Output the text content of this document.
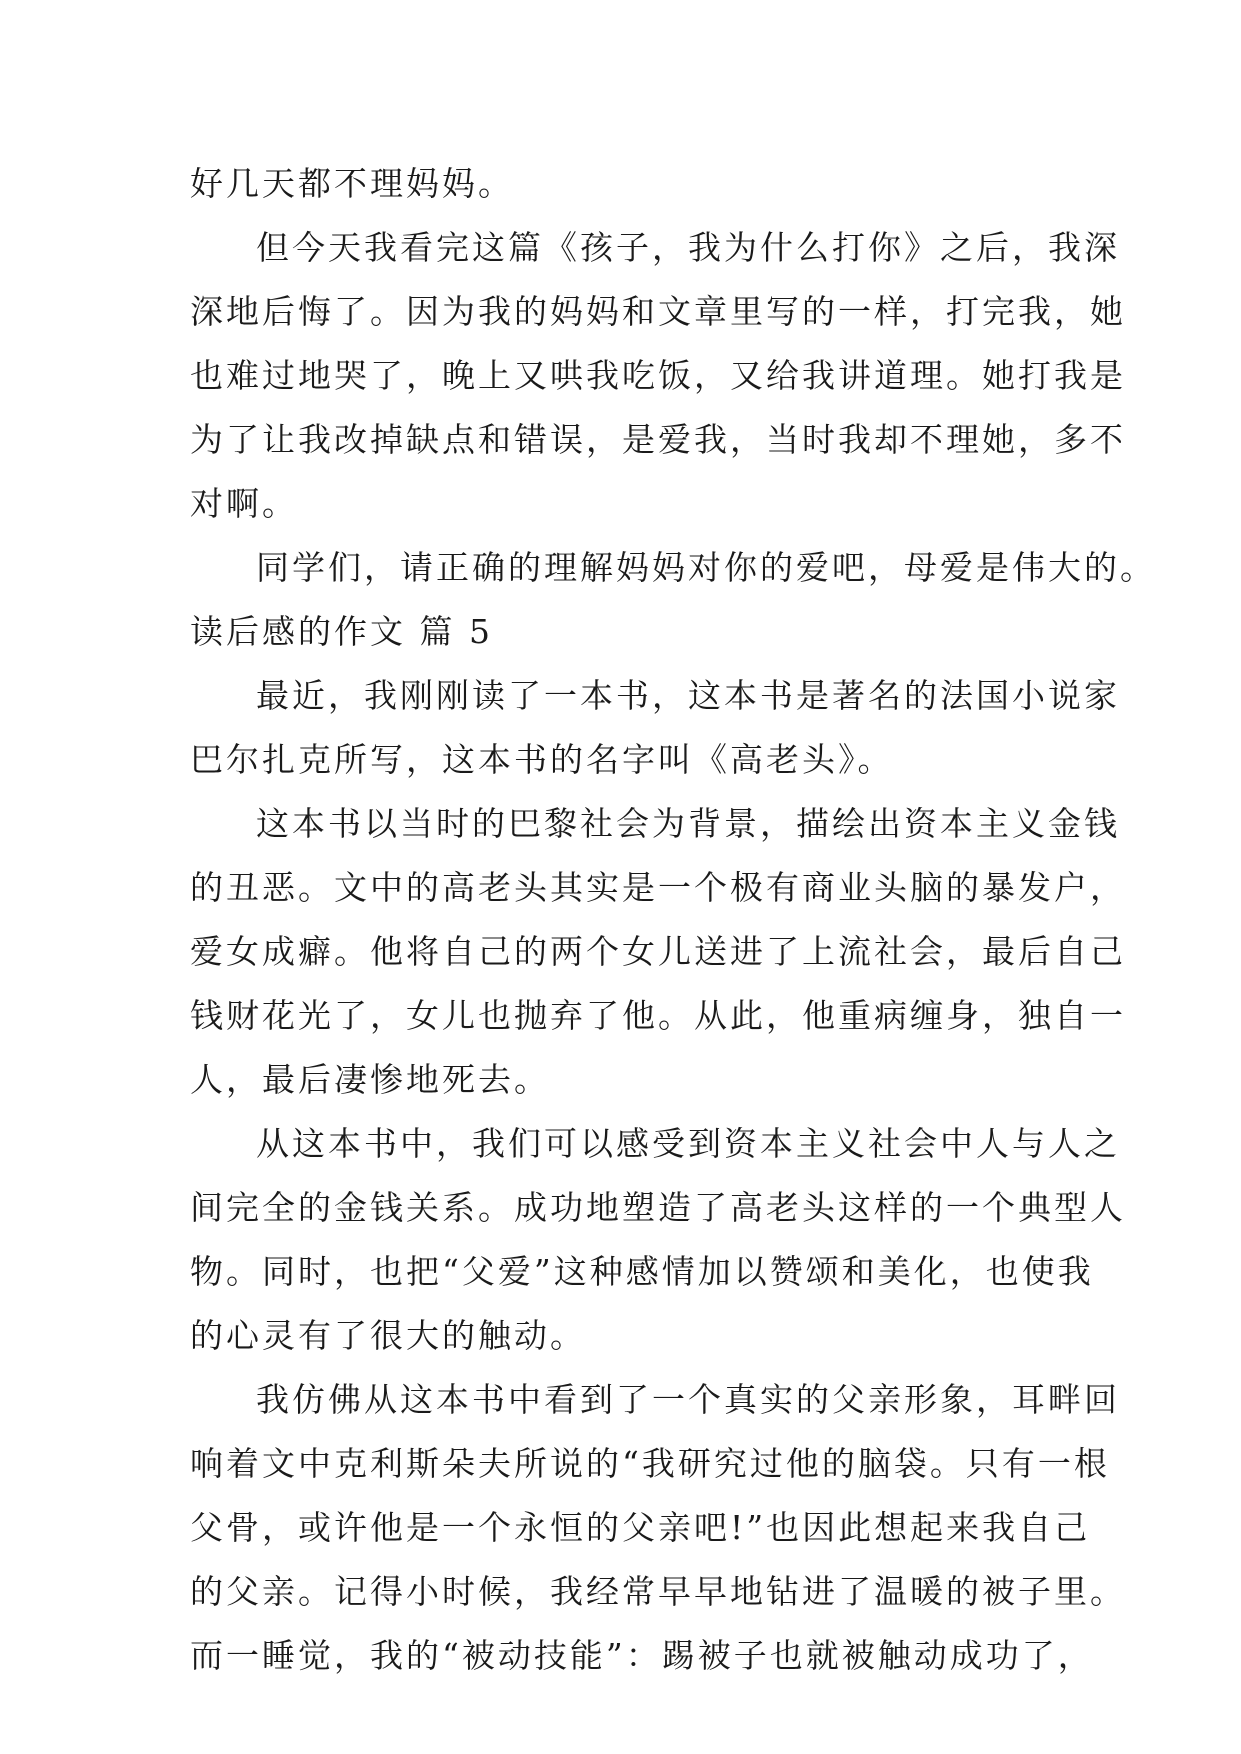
好几天都不理妈妈。
但今天我看完这篇《孩子，我为什么打你》之后，我深
深地后悔了。因为我的妈妈和文章里写的一样，打完我，她
也难过地哭了，晚上又哄我吃饭，又给我讲道理。她打我是
为了让我改掉缺点和错误，是爱我，当时我却不理她，多不
对啊。
同学们，请正确的理解妈妈对你的爱吧，母爱是伟大的。
读后感的作文 篇 5
最近，我刚刚读了一本书，这本书是著名的法国小说家
巴尔扎克所写，这本书的名字叫《高老头》。
这本书以当时的巴黎社会为背景，描绘出资本主义金钱
的丑恶。文中的高老头其实是一个极有商业头脑的暴发户，
爱女成癖。他将自己的两个女儿送进了上流社会，最后自己
钱财花光了，女儿也抛弃了他。从此，他重病缠身，独自一
人，最后凄惨地死去。
从这本书中，我们可以感受到资本主义社会中人与人之
间完全的金钱关系。成功地塑造了高老头这样的一个典型人
物。同时，也把“父爱”这种感情加以赞颂和美化，也使我
的心灵有了很大的触动。
我仿佛从这本书中看到了一个真实的父亲形象，耳畔回
响着文中克利斯朵夫所说的“我研究过他的脑袋。只有一根
父骨，或许他是一个永恒的父亲吧!”也因此想起来我自己
的父亲。记得小时候，我经常早早地钻进了温暖的被子里。
而一睡觉，我的“被动技能”：踢被子也就被触动成功了，
